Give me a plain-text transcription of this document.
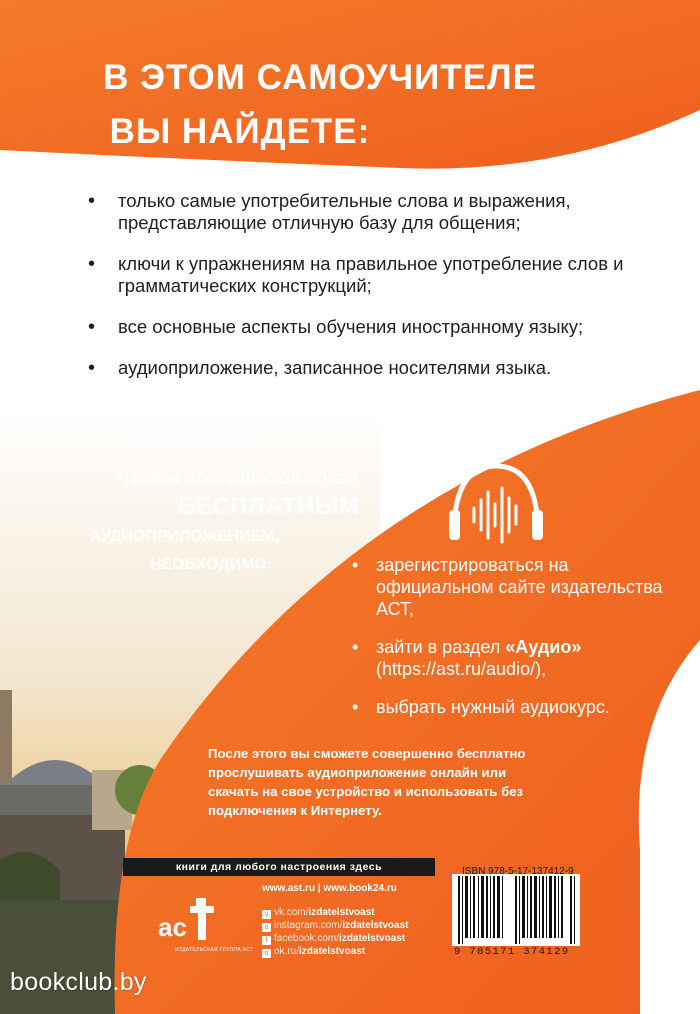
ас
В ЭТОМ САМОУЧИТЕЛЕ
ВЫ НАЙДЕТЕ:
• только самые употребительные слова и выражения, представляющие отличную базу для общения;
• ключи к упражнениям на правильное употребление слов и грамматических конструкций;
• все основные аспекты обучения иностранному языку;
• аудиоприложение, записанное носителями языка.
ЧТОБЫ ВОСПОЛЬЗОВАТЬСЯ
БЕСПЛАТНЫМ
АУДИОПРИЛОЖЕНИЕМ,
НЕОБХОДИМО:	• зарегистрироваться на официальном сайте издательства АСТ,
• зайти в раздел «Аудио» (https://ast.ru/audio/),
• выбрать нужный аудиокурс.
После этого вы сможете совершенно бесплатно прослушивать аудиоприложение онлайн или скачать на свое устройство и использовать без подключения к Интернету.
книги для любого настроения здесь
www.ast.ru | www.book24.ru
v vk.com/izdatelstvoast
o instagram.com/izdatelstvoast
f facebook.com/izdatelstvoast
o ok.ru/izdatelstvoast
ИЗДАТЕЛЬСКАЯ ГРУППА АСТ
ISBN 978-5-17-137412-9
9 785171 374129
bookclub.by
